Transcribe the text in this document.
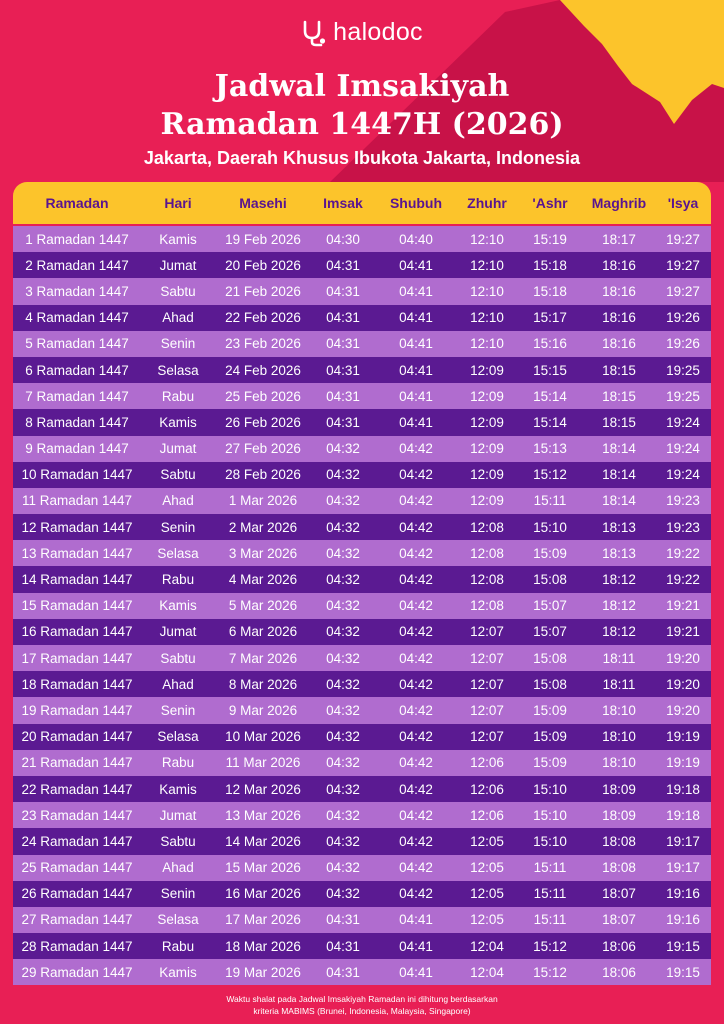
halodoc
Jadwal Imsakiyah
Ramadan 1447H (2026)
Jakarta, Daerah Khusus Ibukota Jakarta, Indonesia
Ramadan	Hari	Masehi	Imsak	Shubuh	Zhuhr	'Ashr	Maghrib	'Isya
1 Ramadan 1447	Kamis	19 Feb 2026	04:30	04:40	12:10	15:19	18:17	19:27
2 Ramadan 1447	Jumat	20 Feb 2026	04:31	04:41	12:10	15:18	18:16	19:27
3 Ramadan 1447	Sabtu	21 Feb 2026	04:31	04:41	12:10	15:18	18:16	19:27
4 Ramadan 1447	Ahad	22 Feb 2026	04:31	04:41	12:10	15:17	18:16	19:26
5 Ramadan 1447	Senin	23 Feb 2026	04:31	04:41	12:10	15:16	18:16	19:26
6 Ramadan 1447	Selasa	24 Feb 2026	04:31	04:41	12:09	15:15	18:15	19:25
7 Ramadan 1447	Rabu	25 Feb 2026	04:31	04:41	12:09	15:14	18:15	19:25
8 Ramadan 1447	Kamis	26 Feb 2026	04:31	04:41	12:09	15:14	18:15	19:24
9 Ramadan 1447	Jumat	27 Feb 2026	04:32	04:42	12:09	15:13	18:14	19:24
10 Ramadan 1447	Sabtu	28 Feb 2026	04:32	04:42	12:09	15:12	18:14	19:24
11 Ramadan 1447	Ahad	1 Mar 2026	04:32	04:42	12:09	15:11	18:14	19:23
12 Ramadan 1447	Senin	2 Mar 2026	04:32	04:42	12:08	15:10	18:13	19:23
13 Ramadan 1447	Selasa	3 Mar 2026	04:32	04:42	12:08	15:09	18:13	19:22
14 Ramadan 1447	Rabu	4 Mar 2026	04:32	04:42	12:08	15:08	18:12	19:22
15 Ramadan 1447	Kamis	5 Mar 2026	04:32	04:42	12:08	15:07	18:12	19:21
16 Ramadan 1447	Jumat	6 Mar 2026	04:32	04:42	12:07	15:07	18:12	19:21
17 Ramadan 1447	Sabtu	7 Mar 2026	04:32	04:42	12:07	15:08	18:11	19:20
18 Ramadan 1447	Ahad	8 Mar 2026	04:32	04:42	12:07	15:08	18:11	19:20
19 Ramadan 1447	Senin	9 Mar 2026	04:32	04:42	12:07	15:09	18:10	19:20
20 Ramadan 1447	Selasa	10 Mar 2026	04:32	04:42	12:07	15:09	18:10	19:19
21 Ramadan 1447	Rabu	11 Mar 2026	04:32	04:42	12:06	15:09	18:10	19:19
22 Ramadan 1447	Kamis	12 Mar 2026	04:32	04:42	12:06	15:10	18:09	19:18
23 Ramadan 1447	Jumat	13 Mar 2026	04:32	04:42	12:06	15:10	18:09	19:18
24 Ramadan 1447	Sabtu	14 Mar 2026	04:32	04:42	12:05	15:10	18:08	19:17
25 Ramadan 1447	Ahad	15 Mar 2026	04:32	04:42	12:05	15:11	18:08	19:17
26 Ramadan 1447	Senin	16 Mar 2026	04:32	04:42	12:05	15:11	18:07	19:16
27 Ramadan 1447	Selasa	17 Mar 2026	04:31	04:41	12:05	15:11	18:07	19:16
28 Ramadan 1447	Rabu	18 Mar 2026	04:31	04:41	12:04	15:12	18:06	19:15
29 Ramadan 1447	Kamis	19 Mar 2026	04:31	04:41	12:04	15:12	18:06	19:15
Waktu shalat pada Jadwal Imsakiyah Ramadan ini dihitung berdasarkan
kriteria MABIMS (Brunei, Indonesia, Malaysia, Singapore)
